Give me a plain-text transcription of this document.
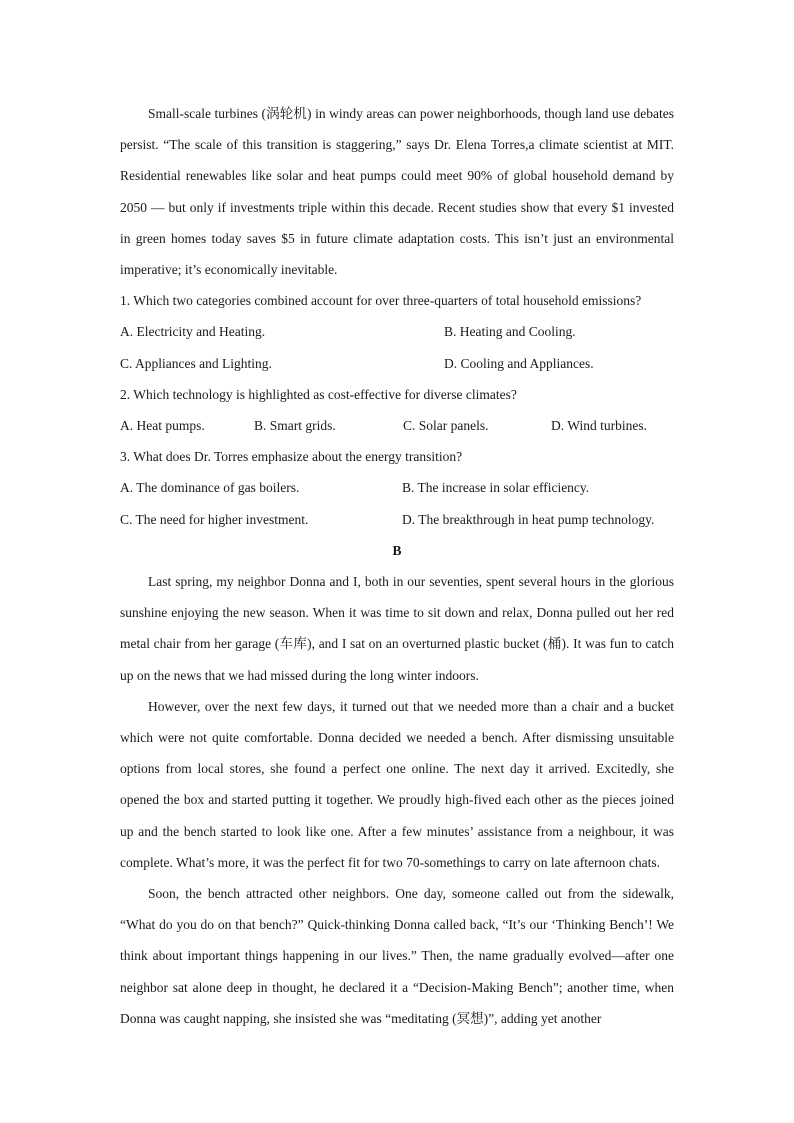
Small-scale turbines (涡轮机) in windy areas can power neighborhoods, though land use debates persist. “The scale of this transition is staggering,” says Dr. Elena Torres,a climate scientist at MIT. Residential renewables like solar and heat pumps could meet 90% of global household demand by 2050 — but only if investments triple within this decade. Recent studies show that every $1 invested in green homes today saves $5 in future climate adaptation costs. This isn’t just an environmental imperative; it’s economically inevitable.

1. Which two categories combined account for over three-quarters of total household emissions?

A. Electricity and Heating.	B. Heating and Cooling.
C. Appliances and Lighting.	D. Cooling and Appliances.

2. Which technology is highlighted as cost-effective for diverse climates?

A. Heat pumps.	B. Smart grids.	C. Solar panels.	D. Wind turbines.

3. What does Dr. Torres emphasize about the energy transition?

A. The dominance of gas boilers.	B. The increase in solar efficiency.
C. The need for higher investment.	D. The breakthrough in heat pump technology.

B

Last spring, my neighbor Donna and I, both in our seventies, spent several hours in the glorious sunshine enjoying the new season. When it was time to sit down and relax, Donna pulled out her red metal chair from her garage (车库), and I sat on an overturned plastic bucket (桶). It was fun to catch up on the news that we had missed during the long winter indoors.

However, over the next few days, it turned out that we needed more than a chair and a bucket which were not quite comfortable. Donna decided we needed a bench. After dismissing unsuitable options from local stores, she found a perfect one online. The next day it arrived. Excitedly, she opened the box and started putting it together. We proudly high-fived each other as the pieces joined up and the bench started to look like one. After a few minutes’ assistance from a neighbour, it was complete. What’s more, it was the perfect fit for two 70-somethings to carry on late afternoon chats.

Soon, the bench attracted other neighbors. One day, someone called out from the sidewalk, “What do you do on that bench?” Quick-thinking Donna called back, “It’s our ‘Thinking Bench’! We think about important things happening in our lives.” Then, the name gradually evolved—after one neighbor sat alone deep in thought, he declared it a “Decision-Making Bench”; another time, when Donna was caught napping, she insisted she was “meditating (冥想)”, adding yet another
